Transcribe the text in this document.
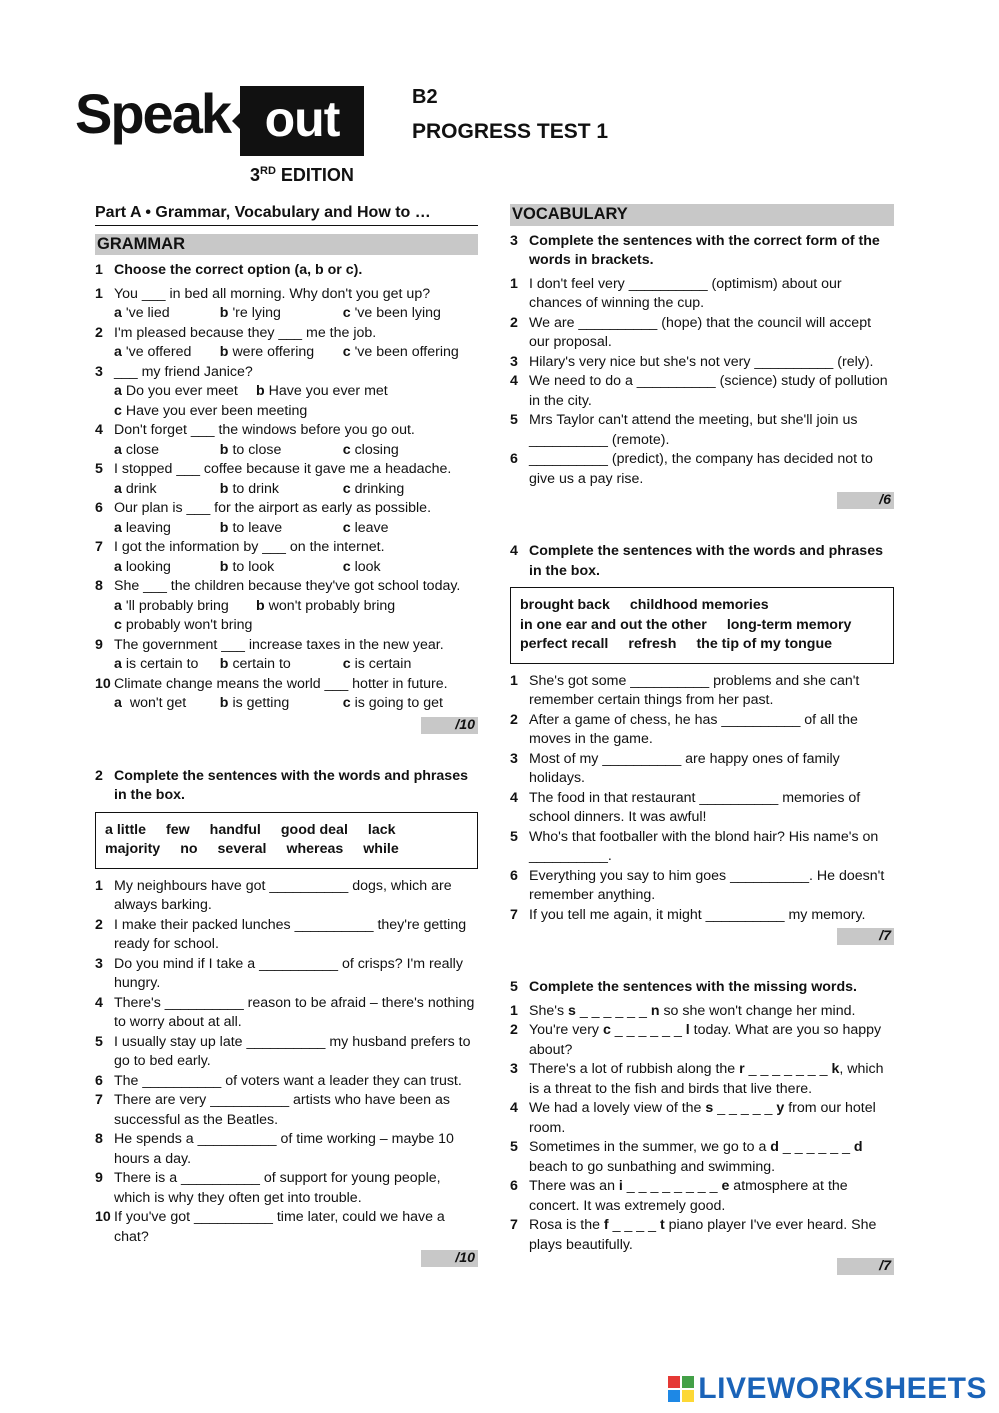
Speak out
3RD EDITION
B2
PROGRESS TEST 1
Part A • Grammar, Vocabulary and How to …
GRAMMAR
1 Choose the correct option (a, b or c).
1 You ___ in bed all morning. Why don't you get up?
a 've lied	b 're lying	c 've been lying
2 I'm pleased because they ___ me the job.
a 've offered	b were offering	c 've been offering
3 ___ my friend Janice?
a Do you ever meet	b Have you ever met
c Have you ever been meeting
4 Don't forget ___ the windows before you go out.
a close	b to close	c closing
5 I stopped ___ coffee because it gave me a headache.
a drink	b to drink	c drinking
6 Our plan is ___ for the airport as early as possible.
a leaving	b to leave	c leave
7 I got the information by ___ on the internet.
a looking	b to look	c look
8 She ___ the children because they've got school today.
a 'll probably bring	b won't probably bring
c probably won't bring
9 The government ___ increase taxes in the new year.
a is certain to	b certain to	c is certain
10 Climate change means the world ___ hotter in future.
a won't get	b is getting	c is going to get
/10
2 Complete the sentences with the words and phrases in the box.
a little few handful good deal lack
majority no several whereas while
1 My neighbours have got __________ dogs, which are always barking.
2 I make their packed lunches __________ they're getting ready for school.
3 Do you mind if I take a __________ of crisps? I'm really hungry.
4 There's __________ reason to be afraid – there's nothing to worry about at all.
5 I usually stay up late __________ my husband prefers to go to bed early.
6 The __________ of voters want a leader they can trust.
7 There are very __________ artists who have been as successful as the Beatles.
8 He spends a __________ of time working – maybe 10 hours a day.
9 There is a __________ of support for young people, which is why they often get into trouble.
10 If you've got __________ time later, could we have a chat?
/10
VOCABULARY
3 Complete the sentences with the correct form of the words in brackets.
1 I don't feel very __________ (optimism) about our chances of winning the cup.
2 We are __________ (hope) that the council will accept our proposal.
3 Hilary's very nice but she's not very __________ (rely).
4 We need to do a __________ (science) study of pollution in the city.
5 Mrs Taylor can't attend the meeting, but she'll join us __________ (remote).
6 __________ (predict), the company has decided not to give us a pay rise.
/6
4 Complete the sentences with the words and phrases in the box.
brought back childhood memories
in one ear and out the other long-term memory
perfect recall refresh the tip of my tongue
1 She's got some __________ problems and she can't remember certain things from her past.
2 After a game of chess, he has __________ of all the moves in the game.
3 Most of my __________ are happy ones of family holidays.
4 The food in that restaurant __________ memories of school dinners. It was awful!
5 Who's that footballer with the blond hair? His name's on __________.
6 Everything you say to him goes __________. He doesn't remember anything.
7 If you tell me again, it might __________ my memory.
/7
5 Complete the sentences with the missing words.
1 She's s _ _ _ _ _ _ n so she won't change her mind.
2 You're very c _ _ _ _ _ _ l today. What are you so happy about?
3 There's a lot of rubbish along the r _ _ _ _ _ _ _ k, which is a threat to the fish and birds that live there.
4 We had a lovely view of the s _ _ _ _ _ y from our hotel room.
5 Sometimes in the summer, we go to a d _ _ _ _ _ _ d beach to go sunbathing and swimming.
6 There was an i _ _ _ _ _ _ _ _ e atmosphere at the concert. It was extremely good.
7 Rosa is the f _ _ _ _ t piano player I've ever heard. She plays beautifully.
/7
LIVEWORKSHEETS
